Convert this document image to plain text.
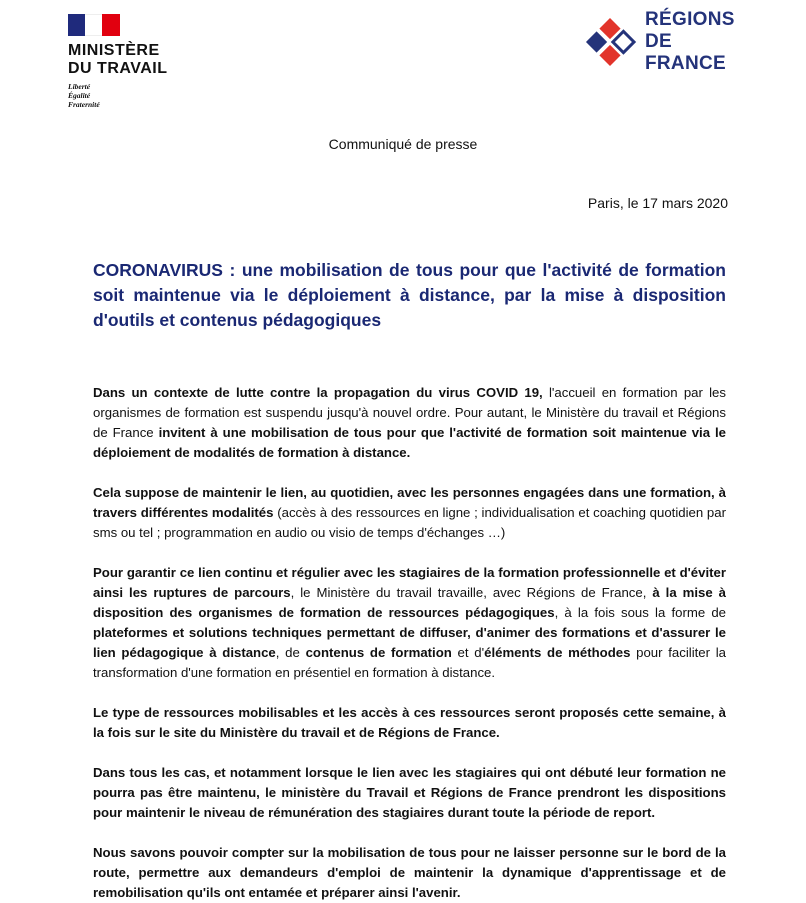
MINISTÈRE
DU TRAVAIL
Liberté
Égalité
Fraternité
RÉGIONS
DE FRANCE
Communiqué de presse
Paris, le 17 mars 2020
CORONAVIRUS : une mobilisation de tous pour que l'activité de formation soit maintenue via le déploiement à distance, par la mise à disposition d'outils et contenus pédagogiques

Dans un contexte de lutte contre la propagation du virus COVID 19, l'accueil en formation par les organismes de formation est suspendu jusqu'à nouvel ordre. Pour autant, le Ministère du travail et Régions de France invitent à une mobilisation de tous pour que l'activité de formation soit maintenue via le déploiement de modalités de formation à distance.

Cela suppose de maintenir le lien, au quotidien, avec les personnes engagées dans une formation, à travers différentes modalités (accès à des ressources en ligne ; individualisation et coaching quotidien par sms ou tel ; programmation en audio ou visio de temps d'échanges …)

Pour garantir ce lien continu et régulier avec les stagiaires de la formation professionnelle et d'éviter ainsi les ruptures de parcours, le Ministère du travail travaille, avec Régions de France, à la mise à disposition des organismes de formation de ressources pédagogiques, à la fois sous la forme de plateformes et solutions techniques permettant de diffuser, d'animer des formations et d'assurer le lien pédagogique à distance, de contenus de formation et d'éléments de méthodes pour faciliter la transformation d'une formation en présentiel en formation à distance.

Le type de ressources mobilisables et les accès à ces ressources seront proposés cette semaine, à la fois sur le site du Ministère du travail et de Régions de France.

Dans tous les cas, et notamment lorsque le lien avec les stagiaires qui ont débuté leur formation ne pourra pas être maintenu, le ministère du Travail et Régions de France prendront les dispositions pour maintenir le niveau de rémunération des stagiaires durant toute la période de report.

Nous savons pouvoir compter sur la mobilisation de tous pour ne laisser personne sur le bord de la route, permettre aux demandeurs d'emploi de maintenir la dynamique d'apprentissage et de remobilisation qu'ils ont entamée et préparer ainsi l'avenir.
